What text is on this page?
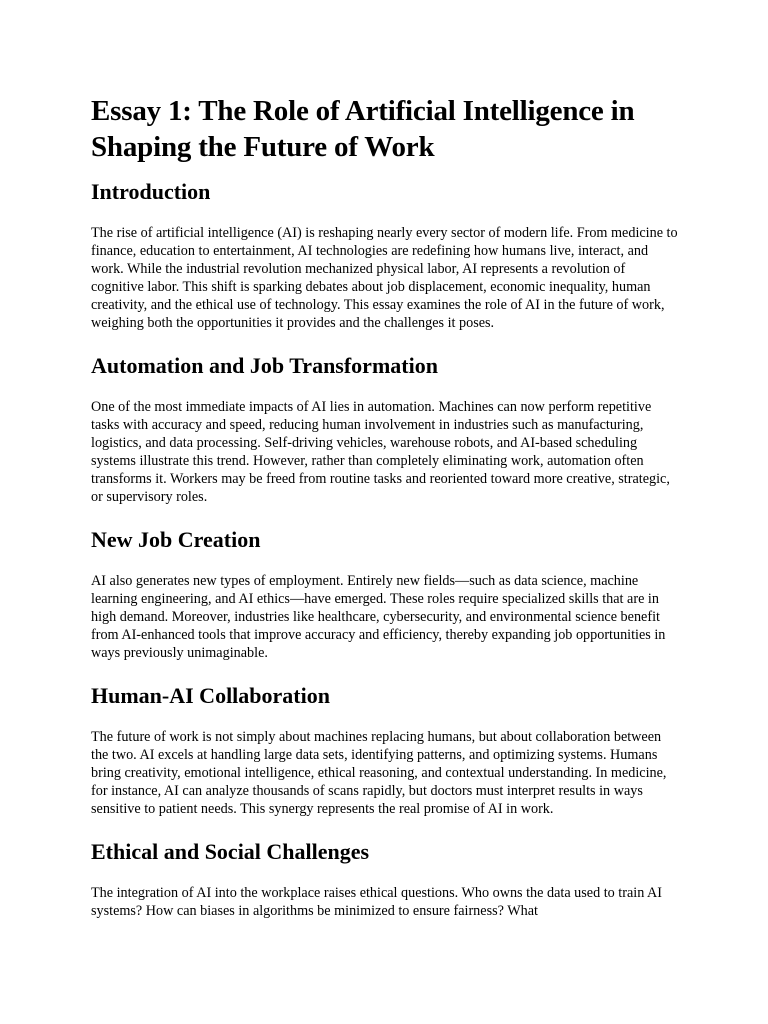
Essay 1: The Role of Artificial Intelligence in Shaping the Future of Work
Introduction

The rise of artificial intelligence (AI) is reshaping nearly every sector of modern life. From medicine to finance, education to entertainment, AI technologies are redefining how humans live, interact, and work. While the industrial revolution mechanized physical labor, AI represents a revolution of cognitive labor. This shift is sparking debates about job displacement, economic inequality, human creativity, and the ethical use of technology. This essay examines the role of AI in the future of work, weighing both the opportunities it provides and the challenges it poses.

Automation and Job Transformation

One of the most immediate impacts of AI lies in automation. Machines can now perform repetitive tasks with accuracy and speed, reducing human involvement in industries such as manufacturing, logistics, and data processing. Self-driving vehicles, warehouse robots, and AI-based scheduling systems illustrate this trend. However, rather than completely eliminating work, automation often transforms it. Workers may be freed from routine tasks and reoriented toward more creative, strategic, or supervisory roles.

New Job Creation

AI also generates new types of employment. Entirely new fields—such as data science, machine learning engineering, and AI ethics—have emerged. These roles require specialized skills that are in high demand. Moreover, industries like healthcare, cybersecurity, and environmental science benefit from AI-enhanced tools that improve accuracy and efficiency, thereby expanding job opportunities in ways previously unimaginable.

Human-AI Collaboration

The future of work is not simply about machines replacing humans, but about collaboration between the two. AI excels at handling large data sets, identifying patterns, and optimizing systems. Humans bring creativity, emotional intelligence, ethical reasoning, and contextual understanding. In medicine, for instance, AI can analyze thousands of scans rapidly, but doctors must interpret results in ways sensitive to patient needs. This synergy represents the real promise of AI in work.

Ethical and Social Challenges

The integration of AI into the workplace raises ethical questions. Who owns the data used to train AI systems? How can biases in algorithms be minimized to ensure fairness? What
